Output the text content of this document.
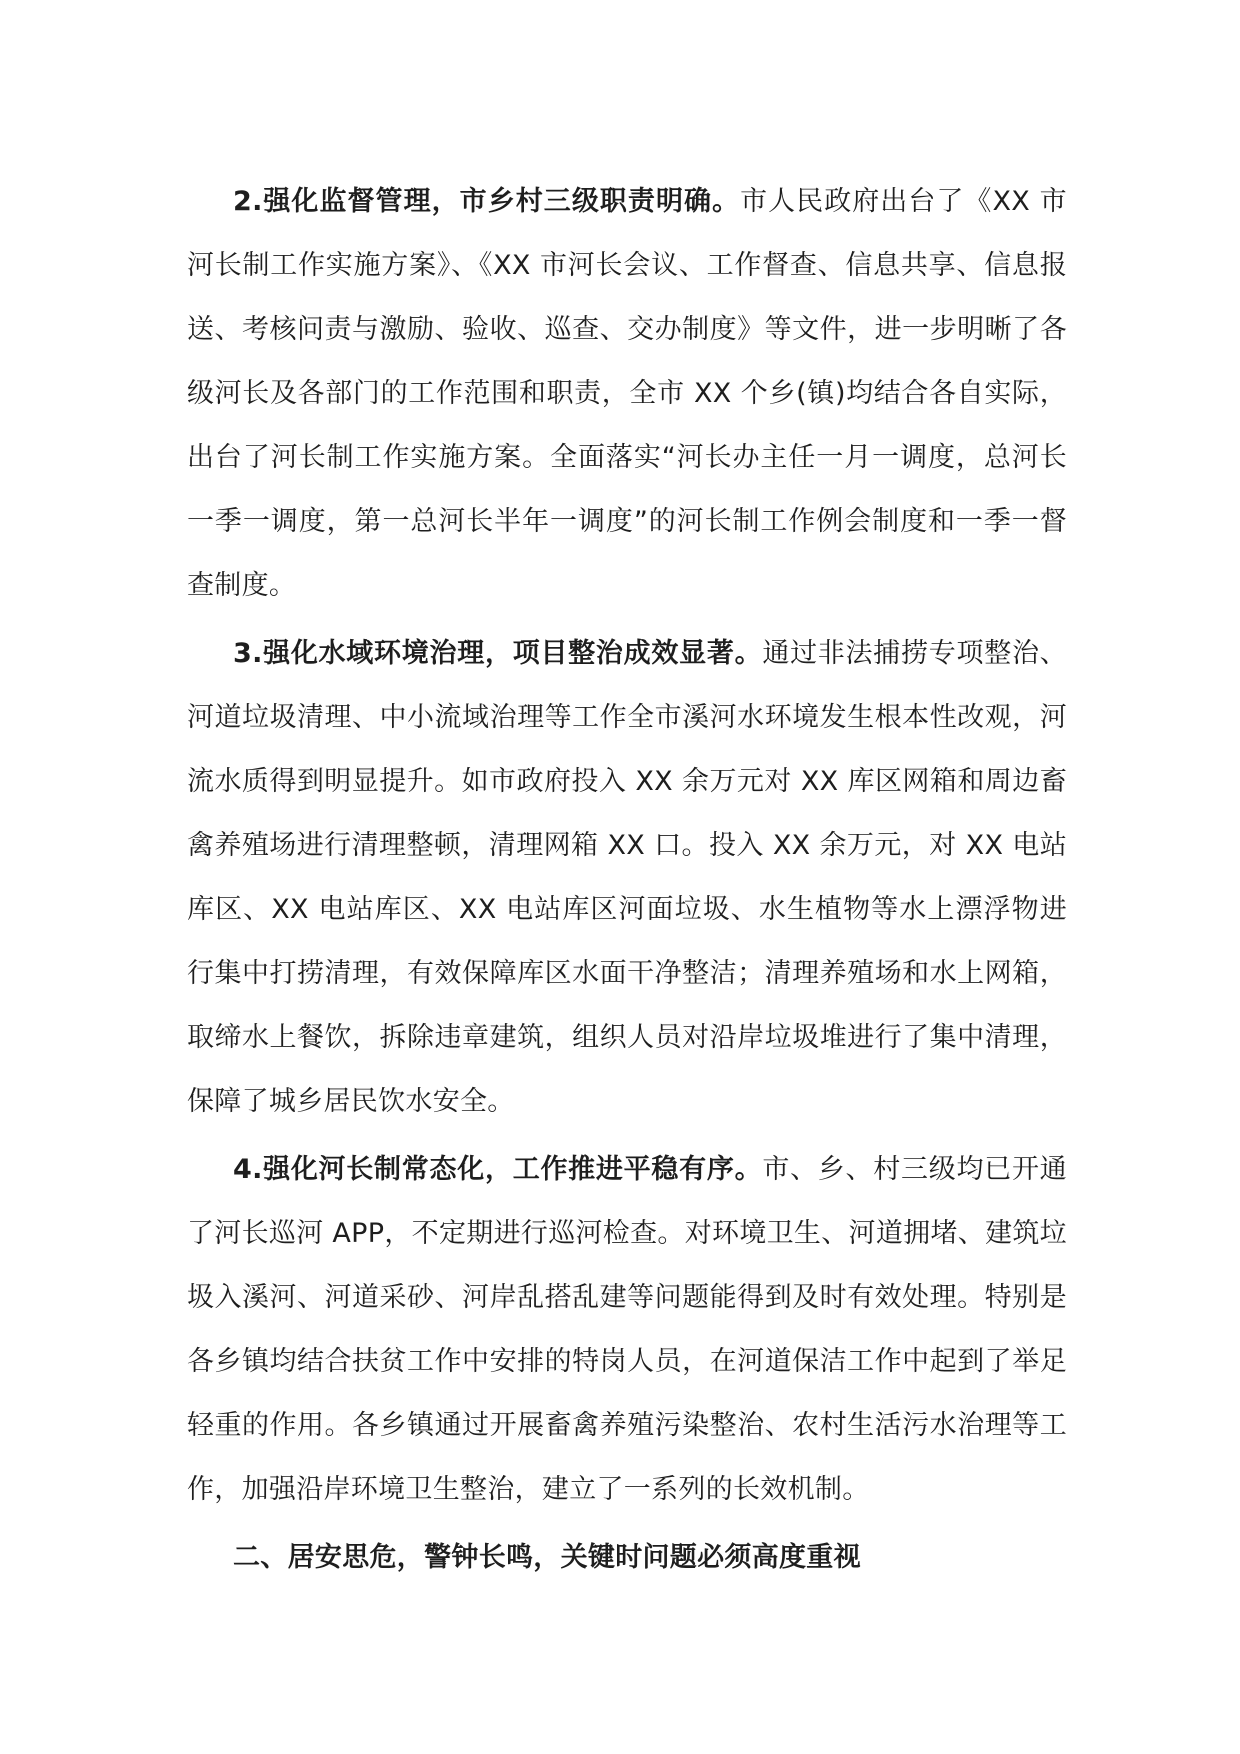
2.强化监督管理，市乡村三级职责明确。市人民政府出台了《XX 市河长制工作实施方案》、《XX 市河长会议、工作督查、信息共享、信息报送、考核问责与激励、验收、巡查、交办制度》等文件，进一步明晰了各级河长及各部门的工作范围和职责，全市 XX 个乡(镇)均结合各自实际，出台了河长制工作实施方案。全面落实“河长办主任一月一调度，总河长一季一调度，第一总河长半年一调度”的河长制工作例会制度和一季一督查制度。

3.强化水域环境治理，项目整治成效显著。通过非法捕捞专项整治、河道垃圾清理、中小流域治理等工作全市溪河水环境发生根本性改观，河流水质得到明显提升。如市政府投入 XX 余万元对 XX 库区网箱和周边畜禽养殖场进行清理整顿，清理网箱 XX 口。投入 XX 余万元，对 XX 电站库区、XX 电站库区、XX 电站库区河面垃圾、水生植物等水上漂浮物进行集中打捞清理，有效保障库区水面干净整洁；清理养殖场和水上网箱，取缔水上餐饮，拆除违章建筑，组织人员对沿岸垃圾堆进行了集中清理，保障了城乡居民饮水安全。

4.强化河长制常态化，工作推进平稳有序。市、乡、村三级均已开通了河长巡河 APP，不定期进行巡河检查。对环境卫生、河道拥堵、建筑垃圾入溪河、河道采砂、河岸乱搭乱建等问题能得到及时有效处理。特别是各乡镇均结合扶贫工作中安排的特岗人员，在河道保洁工作中起到了举足轻重的作用。各乡镇通过开展畜禽养殖污染整治、农村生活污水治理等工作，加强沿岸环境卫生整治，建立了一系列的长效机制。

二、居安思危，警钟长鸣，关键时问题必须高度重视
